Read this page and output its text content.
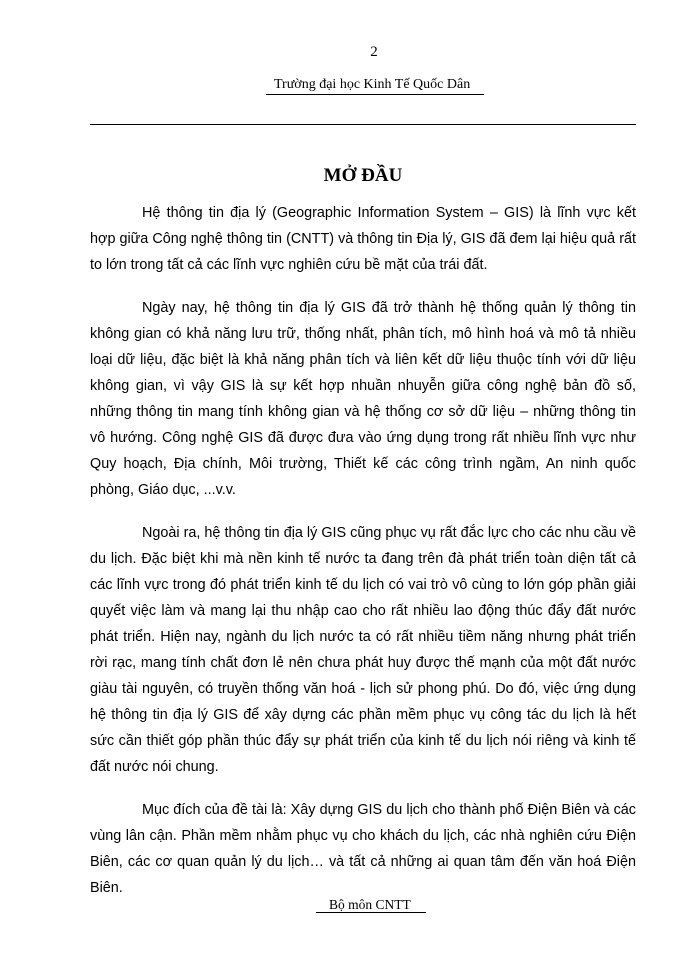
2
Trường đại học Kinh Tế Quốc Dân
MỞ ĐẦU

Hệ thông tin địa lý (Geographic Information System – GIS) là lĩnh vực kết hợp giữa Công nghệ thông tin (CNTT) và thông tin Địa lý, GIS đã đem lại hiệu quả rất to lớn trong tất cả các lĩnh vực nghiên cứu bề mặt của trái đất.

Ngày nay, hệ thông tin địa lý GIS đã trở thành hệ thống quản lý thông tin không gian có khả năng lưu trữ, thống nhất, phân tích, mô hình hoá và mô tả nhiều loại dữ liệu, đặc biệt là khả năng phân tích và liên kết dữ liệu thuộc tính với dữ liệu không gian, vì vậy GIS là sự kết hợp nhuần nhuyễn giữa công nghệ bản đồ số, những thông tin mang tính không gian và hệ thống cơ sở dữ liệu – những thông tin vô hướng. Công nghệ GIS đã được đưa vào ứng dụng trong rất nhiều lĩnh vực như Quy hoạch, Địa chính, Môi trường, Thiết kế các công trình ngầm, An ninh quốc phòng, Giáo dục, ...v.v.

Ngoài ra, hệ thông tin địa lý GIS cũng phục vụ rất đắc lực cho các nhu cầu về du lịch. Đặc biệt khi mà nền kinh tế nước ta đang trên đà phát triển toàn diện tất cả các lĩnh vực trong đó phát triển kinh tế du lịch có vai trò vô cùng to lớn góp phần giải quyết việc làm và mang lại thu nhập cao cho rất nhiều lao động thúc đẩy đất nước phát triển. Hiện nay, ngành du lịch nước ta có rất nhiều tiềm năng nhưng phát triển rời rạc, mang tính chất đơn lẻ nên chưa phát huy được thế mạnh của một đất nước giàu tài nguyên, có truyền thống văn hoá - lịch sử phong phú. Do đó, việc ứng dụng hệ thông tin địa lý GIS để xây dựng các phần mềm phục vụ công tác du lịch là hết sức cần thiết góp phần thúc đẩy sự phát triển của kinh tế du lịch nói riêng và kinh tế đất nước nói chung.

Mục đích của đề tài là: Xây dựng GIS du lịch cho thành phố Điện Biên và các vùng lân cận. Phần mềm nhằm phục vụ cho khách du lịch, các nhà nghiên cứu Điện Biên, các cơ quan quản lý du lịch… và tất cả những ai quan tâm đến văn hoá Điện Biên.

Bộ môn CNTT
